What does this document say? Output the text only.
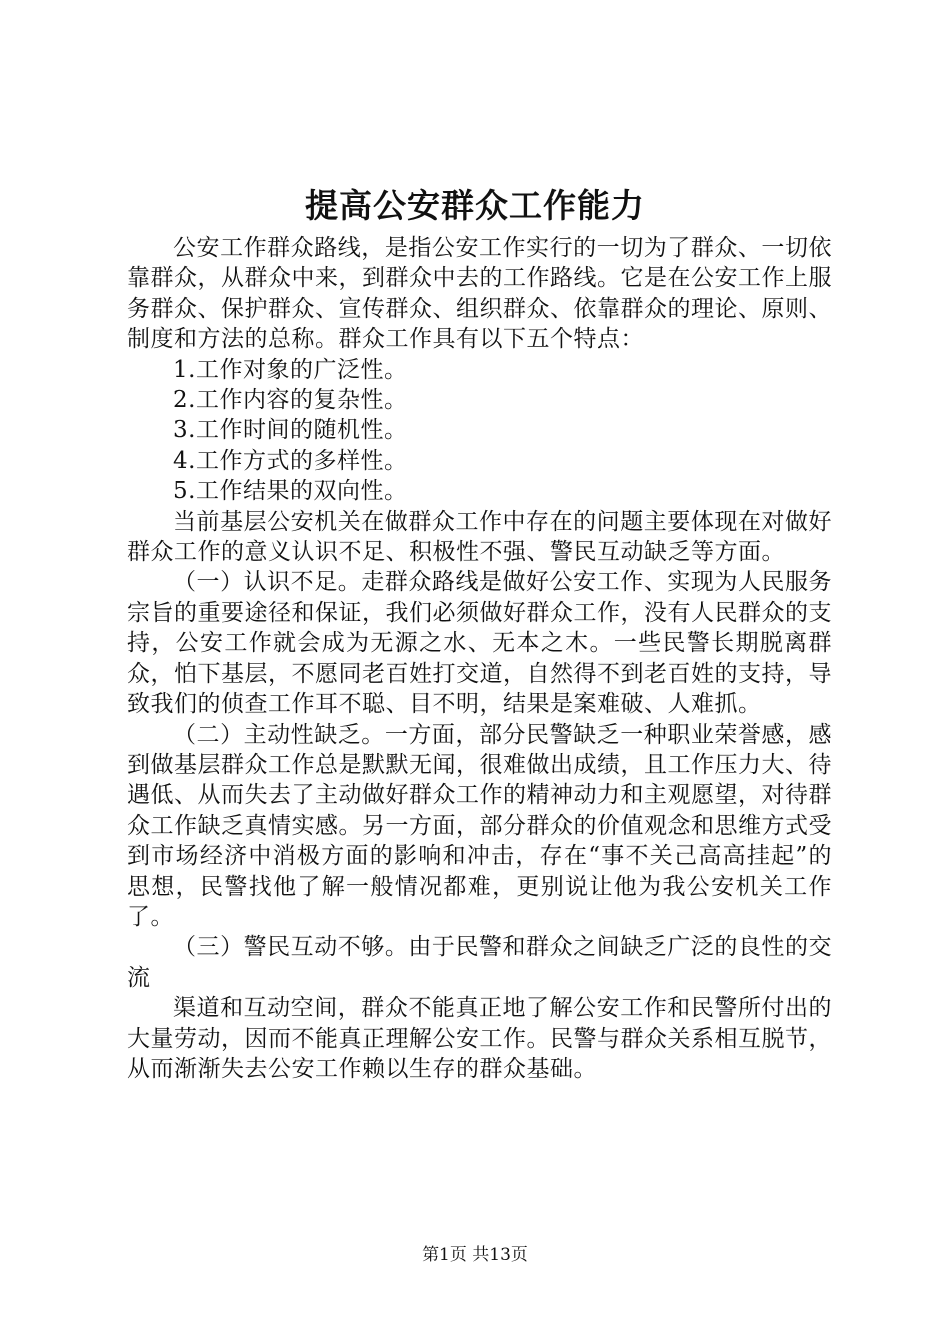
提高公安群众工作能力

公安工作群众路线，是指公安工作实行的一切为了群众、一切依靠群众，从群众中来，到群众中去的工作路线。它是在公安工作上服务群众、保护群众、宣传群众、组织群众、依靠群众的理论、原则、制度和方法的总称。群众工作具有以下五个特点：

1.工作对象的广泛性。

2.工作内容的复杂性。

3.工作时间的随机性。

4.工作方式的多样性。

5.工作结果的双向性。

当前基层公安机关在做群众工作中存在的问题主要体现在对做好群众工作的意义认识不足、积极性不强、警民互动缺乏等方面。

（一）认识不足。走群众路线是做好公安工作、实现为人民服务宗旨的重要途径和保证，我们必须做好群众工作，没有人民群众的支持，公安工作就会成为无源之水、无本之木。一些民警长期脱离群众，怕下基层，不愿同老百姓打交道，自然得不到老百姓的支持，导致我们的侦查工作耳不聪、目不明，结果是案难破、人难抓。

（二）主动性缺乏。一方面，部分民警缺乏一种职业荣誉感，感到做基层群众工作总是默默无闻，很难做出成绩，且工作压力大、待遇低、从而失去了主动做好群众工作的精神动力和主观愿望，对待群众工作缺乏真情实感。另一方面，部分群众的价值观念和思维方式受到市场经济中消极方面的影响和冲击，存在“事不关己高高挂起”的思想，民警找他了解一般情况都难，更别说让他为我公安机关工作了。

（三）警民互动不够。由于民警和群众之间缺乏广泛的良性的交流

渠道和互动空间，群众不能真正地了解公安工作和民警所付出的大量劳动，因而不能真正理解公安工作。民警与群众关系相互脱节，从而渐渐失去公安工作赖以生存的群众基础。

第1页 共13页
